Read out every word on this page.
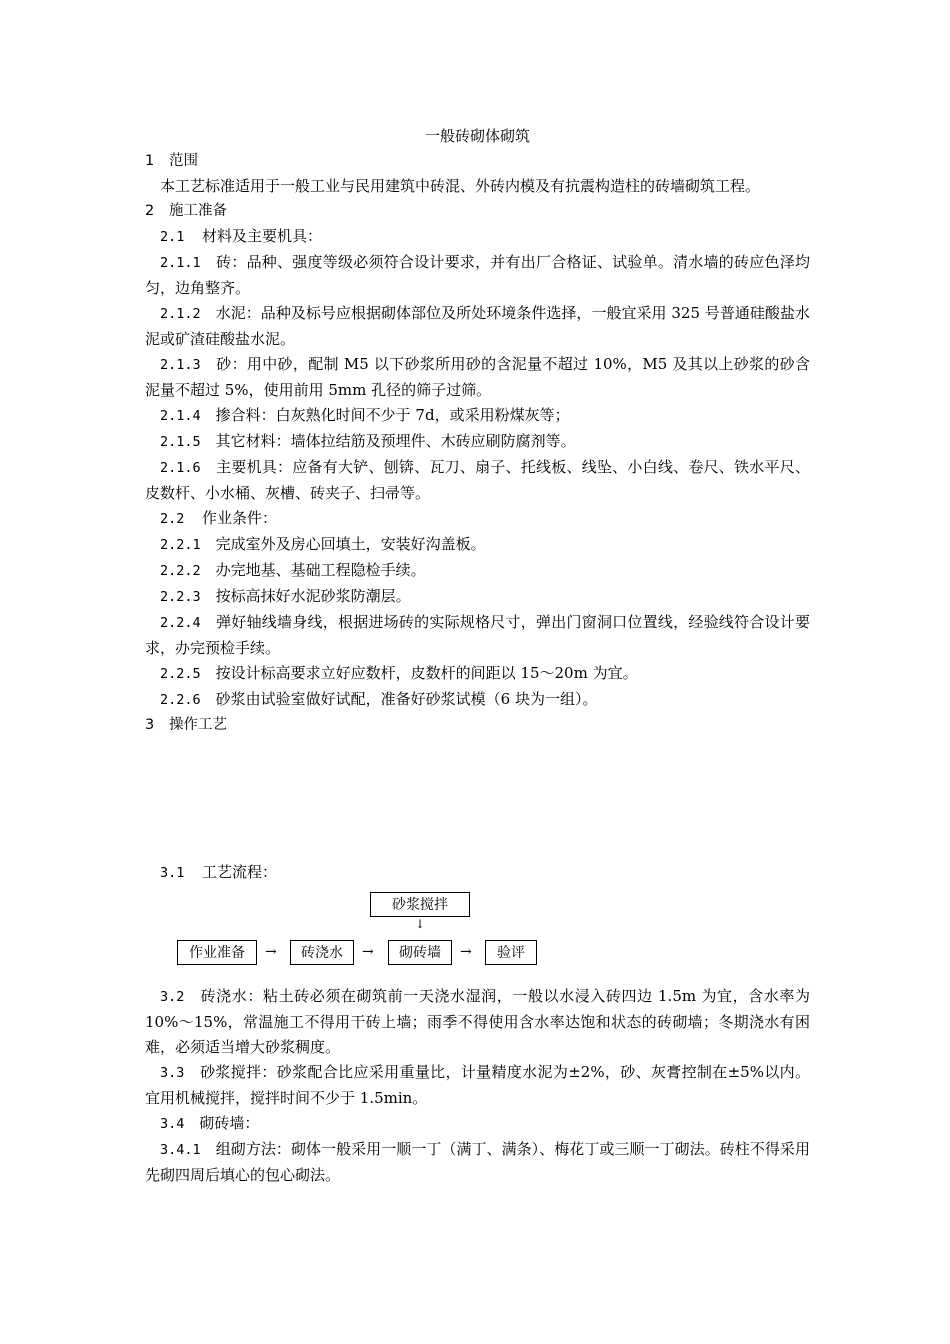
一般砖砌体砌筑
1 范围
本工艺标准适用于一般工业与民用建筑中砖混、外砖内模及有抗震构造柱的砖墙砌筑工程。
2 施工准备
2.1 材料及主要机具：
2.1.1　 砖：品种、强度等级必须符合设计要求，并有出厂合格证、试验单。清水墙的砖应色泽均匀，边角整齐。
2.1.2　 水泥：品种及标号应根据砌体部位及所处环境条件选择，一般宜采用 325 号普通硅酸盐水泥或矿渣硅酸盐水泥。
2.1.3　 砂：用中砂，配制 M5 以下砂浆所用砂的含泥量不超过 10%，M5 及其以上砂浆的砂含泥量不超过 5%，使用前用 5mm 孔径的筛子过筛。
2.1.4　 掺合料：白灰熟化时间不少于 7d，或采用粉煤灰等；
2.1.5　 其它材料：墙体拉结筋及预埋件、木砖应刷防腐剂等。
2.1.6　 主要机具：应备有大铲、刨锛、瓦刀、扇子、托线板、线坠、小白线、卷尺、铁水平尺、皮数杆、小水桶、灰槽、砖夹子、扫帚等。
2.2 作业条件：
2.2.1　 完成室外及房心回填土，安装好沟盖板。
2.2.2　 办完地基、基础工程隐检手续。
2.2.3　 按标高抹好水泥砂浆防潮层。
2.2.4　 弹好轴线墙身线，根据进场砖的实际规格尺寸，弹出门窗洞口位置线，经验线符合设计要求，办完预检手续。
2.2.5　 按设计标高要求立好应数杆，皮数杆的间距以 15～20m 为宜。
2.2.6　 砂浆由试验室做好试配，准备好砂浆试模（6 块为一组）。
3 操作工艺
3.1 工艺流程：
砂浆搅拌
↓
作业准备	→	砖浇水	→	砌砖墙	→	验评
3.2　 砖浇水：粘土砖必须在砌筑前一天浇水湿润，一般以水浸入砖四边 1.5m 为宜，含水率为 10%～15%，常温施工不得用干砖上墙；雨季不得使用含水率达饱和状态的砖砌墙；冬期浇水有困难，必须适当增大砂浆稠度。
3.3　 砂浆搅拌：砂浆配合比应采用重量比，计量精度水泥为±2%，砂、灰膏控制在±5%以内。宜用机械搅拌，搅拌时间不少于 1.5min。
3.4　 砌砖墙：
3.4.1　 组砌方法：砌体一般采用一顺一丁（满丁、满条）、梅花丁或三顺一丁砌法。砖柱不得采用先砌四周后填心的包心砌法。
